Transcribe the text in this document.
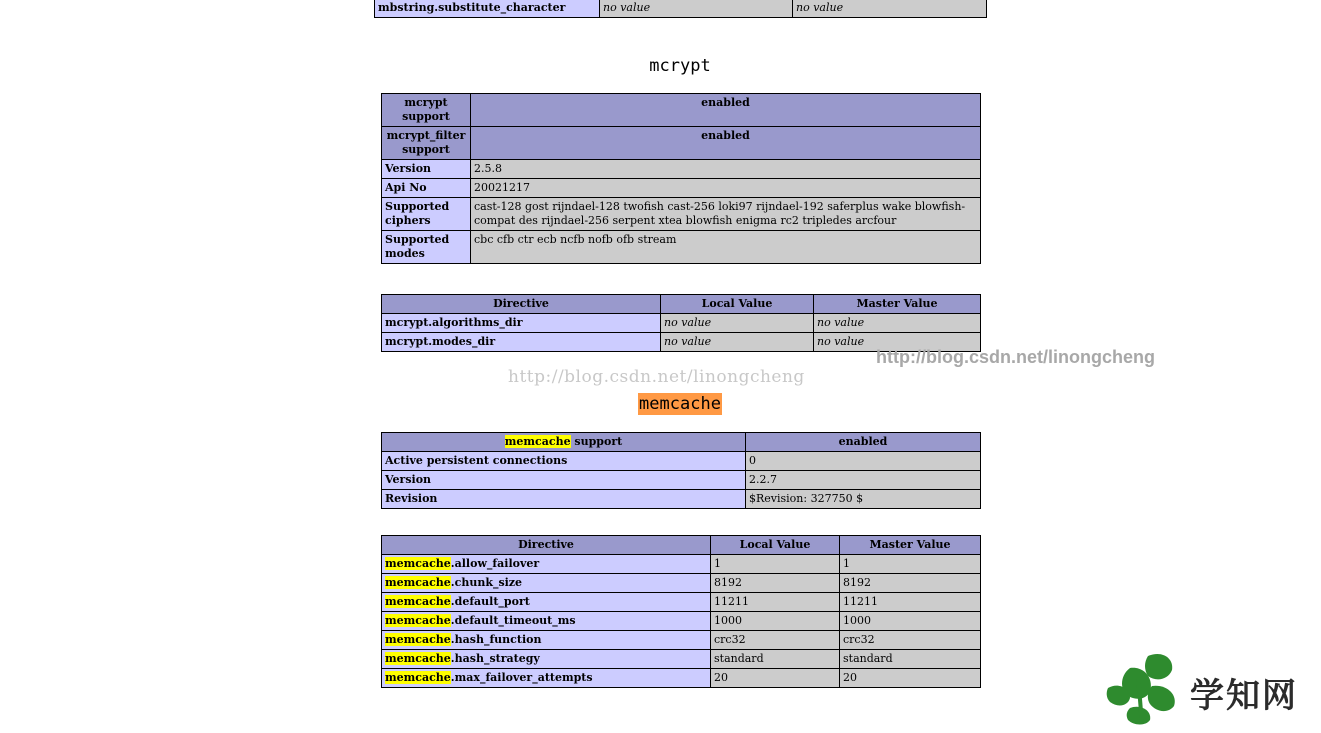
mbstring.substitute_character	no value	no value
mcrypt
mcrypt support	enabled
mcrypt_filter support	enabled
Version	2.5.8
Api No	20021217
Supported ciphers	cast-128 gost rijndael-128 twofish cast-256 loki97 rijndael-192 saferplus wake blowfish-compat des rijndael-256 serpent xtea blowfish enigma rc2 tripledes arcfour
Supported modes	cbc cfb ctr ecb ncfb nofb ofb stream
Directive	Local Value	Master Value
mcrypt.algorithms_dir	no value	no value
mcrypt.modes_dir	no value	no value
http://blog.csdn.net/linongcheng
http://blog.csdn.net/linongcheng
memcache
memcache support	enabled
Active persistent connections	0
Version	2.2.7
Revision	$Revision: 327750 $
Directive	Local Value	Master Value
memcache.allow_failover	1	1
memcache.chunk_size	8192	8192
memcache.default_port	11211	11211
memcache.default_timeout_ms	1000	1000
memcache.hash_function	crc32	crc32
memcache.hash_strategy	standard	standard
memcache.max_failover_attempts	20	20	学知网
